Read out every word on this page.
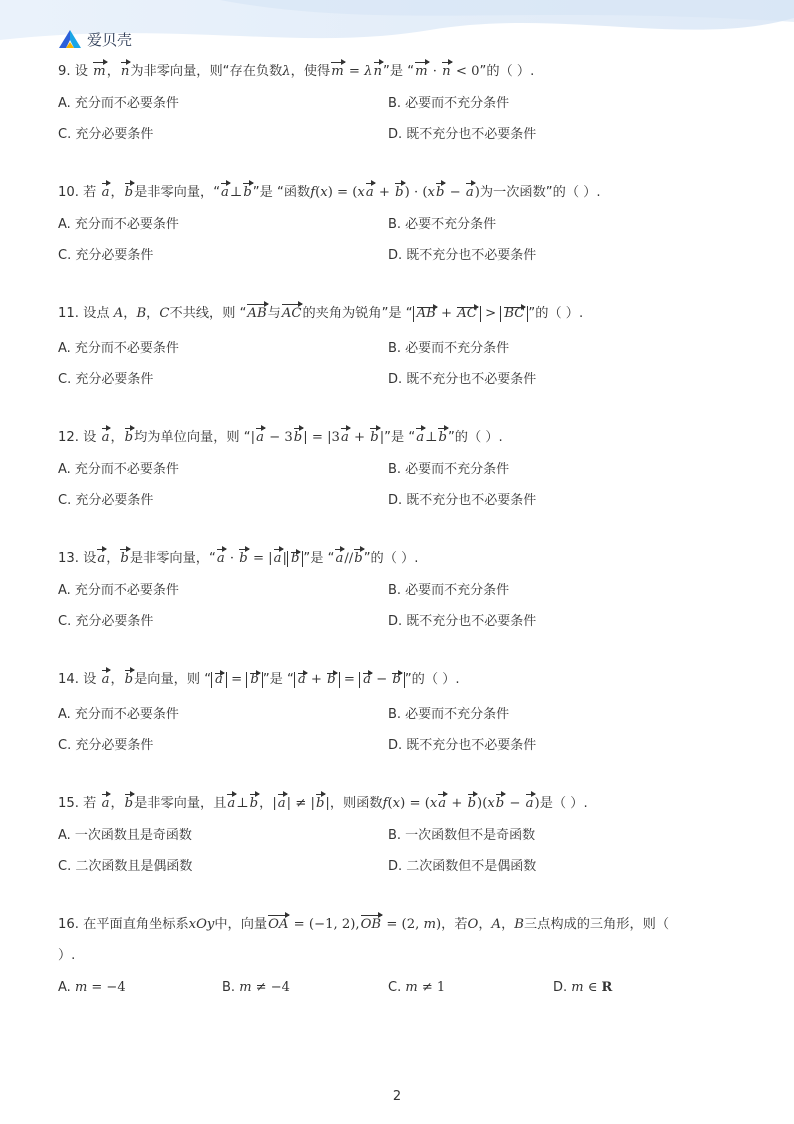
爱贝壳
9. 设 m，n为非零向量，则“存在负数λ，使得m = λn”是 “m · n < 0”的（ ）.
A. 充分而不必要条件	B. 必要而不充分条件
C. 充分必要条件	D. 既不充分也不必要条件
10. 若 a，b是非零向量，“a⊥b”是 “函数f(x) = (xa + b) · (xb − a)为一次函数”的（ ）.
A. 充分而不必要条件	B. 必要不充分条件
C. 充分必要条件	D. 既不充分也不必要条件
11. 设点 A，B，C不共线，则 “AB与AC的夹角为锐角”是 “ AB + AC > BC ”的（ ）.
A. 充分而不必要条件	B. 必要而不充分条件
C. 充分必要条件	D. 既不充分也不必要条件
12. 设 a，b均为单位向量，则 “|a − 3b| = |3a + b|”是 “a⊥b”的（ ）.
A. 充分而不必要条件	B. 必要而不充分条件
C. 充分必要条件	D. 既不充分也不必要条件
13. 设a，b是非零向量，“a · b = |a| b ”是 “a//b”的（ ）.
A. 充分而不必要条件	B. 必要而不充分条件
C. 充分必要条件	D. 既不充分也不必要条件
14. 设 a，b是向量，则 “ a = b ”是 “ a + b = a − b ”的（ ）.
A. 充分而不必要条件	B. 必要而不充分条件
C. 充分必要条件	D. 既不充分也不必要条件
15. 若 a，b是非零向量，且a⊥b，|a| ≠ |b|，则函数f(x) = (xa + b)(xb − a)是（ ）.
A. 一次函数且是奇函数	B. 一次函数但不是奇函数
C. 二次函数且是偶函数	D. 二次函数但不是偶函数
16. 在平面直角坐标系xOy中，向量OA = (−1, 2),OB = (2, m)，若O，A，B三点构成的三角形，则（
）.
A. m = −4	B. m ≠ −4	C. m ≠ 1	D. m ∈ R
2
